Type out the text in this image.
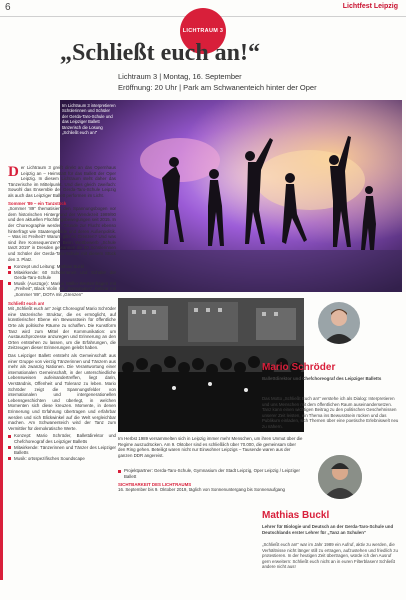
6	Lichtfest Leipzig
LICHTRAUM 3
„Schließt euch an!“
Lichtraum 3 | Montag, 16. September
Eröffnung: 20 Uhr | Park am Schwanenteich hinter der Oper
Im Lichtraum 3 interpretieren Schülerinnen und Schüler der Gerda-Taro-Schule und das Leipziger Ballett tänzerisch die Losung „Schließt euch an!“

Der Lichtraum 3 greift direkt an das Opernhaus Leipzig an – Heimstatt für das Ballett der Oper Leipzig. In diesem Lichtraum steht daher das Tänzerische im Mittelpunkt. Und dies gleich zweifach: Sowohl das Ensemble der Gerda-Taro-Schule Leipzig als auch das Leipziger Ballett performen im Licht.

Sommer '89 – ein Tanzstück

„Sommer '89“ thematisiert den Spannungsbogen vor dem historischen Hintergrund der Wendezeit 1989/90 und den aktuellen Flüchtlingsbewegungen seit 2015. In der Choreographie werden Gründe zur Flucht ebenso hinterfragt wie Staatengebilde und deren Außenpolitik. – Was ist Freiheit? Warum gibt es Grenzen? Und was sind ihre Konsequenzen? Beim Wettbewerb „Schule tanzt 2019“ in Dresden gewannen die 60 Schülerinnen und Schüler der Gerda-Taro-Schule mit diesem Stück den 3. Platz.

Konzept und Leitung: Mathias Buckl
Mitwirkende: 60 Schülerinnen und Schüler der Gerda-Taro-Schule
Musik (Auszüge): Marius Müller-Westernhagen mit „Freiheit“, Black Violin mit „Stereotypes“, Keltcar mit „Sommer '89“, DOTA mit „Grenzen“
Schließt euch an!

Mit „Schließt euch an“ zeigt Choreograf Mario Schröder eine tänzerische Struktur, die es ermöglicht, auf künstlerischer Ebene ein Bewusstsein für öffentliche Orte als politische Räume zu schaffen. Die Kunstform Tanz wird zum Mittel der Kommunikation: um Austauschprozesse anzuregen und Erinnerung an den Orten entstehen zu lassen, um die Erfahrungen, die Zeitzeugen dieser Erinnerungen gelebt haben.

Das Leipziger Ballett entsteht als Gemeinschaft aus einer Gruppe von vierzig Tänzerinnen und Tänzern aus mehr als zwanzig Nationen. Die Verantwortung einer internationalen Gemeinschaft, in der unterschiedliche Lebensweisen aufeinandertreffen, liegt darin, Verständnis, Offenheit und Toleranz zu leben. Mario Schröder zeigt die Spannungsfelder von internationalen und intergenerationellen Lebensgeschichten und überlegt, in welchen Momenten sich diese kreuzen. Momente, in denen Erinnerung und Erfahrung übertragen und erfahrbar werden und sich Blickwinkel auf die Welt vergleichbar machen. Am Schwanenteich wird der Tanz zum Vermittler für demokratische Werte.

Konzept: Mario Schröder, Ballettdirektor und Chefchoreograf des Leipziger Balletts
Mitwirkende: Tänzerinnen und Tänzer des Leipziger Balletts
Musik: ortsspezifisches Soundscape
Im Herbst 1989 versammelten sich in Leipzig immer mehr Menschen, um ihren Unmut über die Regime auszudrücken. Am 9. Oktober sind es schließlich über 70.000, die gemeinsam über den Ring gehen. Beteiligt waren nicht nur Einwohner Leipzigs – Tausende waren aus der ganzen DDR angereist.
Projektpartner: Gerda-Taro-Schule, Gymnasium der Stadt Leipzig, Oper Leipzig / Leipziger Ballett
SICHTBARKEIT DES LICHTRAUMS
16. September bis 9. Oktober 2019, täglich von Sonnenuntergang bis Sonnenaufgang
Mario Schröder
Ballettdirektor und Chefchoreograf des Leipziger Balletts
Das Motto „Schließt Euch an!“ verstehe ich als Dialog: Interpretieren und uns Menschen mit dem öffentlichen Raum auseinandersetzen. Tanz kann einen wichtigen Beitrag zu den politischen Geschehnissen unserer Zeit leisten, ein Thema ins Bewusstsein rücken und das Publikum einladen, sich Themen über eine poetische Erlebniswelt neu zu nähern.
Mathias Buckl
Lehrer für Biologie und Deutsch an der Gerda-Taro-Schule und Deutschlands erster Lehrer für „Tanz an Schulen“
„Schließt euch an!“ war im Jahr 1989 ein Aufruf, aktiv zu werden, die Verhältnisse nicht länger still zu ertragen, aufzustehen und friedlich zu protestieren. In der heutigen Zeit übertragen, würde ich den Ausruf gern erweitern: Schließt euch nicht an in euren Filterblasen! Schließt andere nicht aus!
